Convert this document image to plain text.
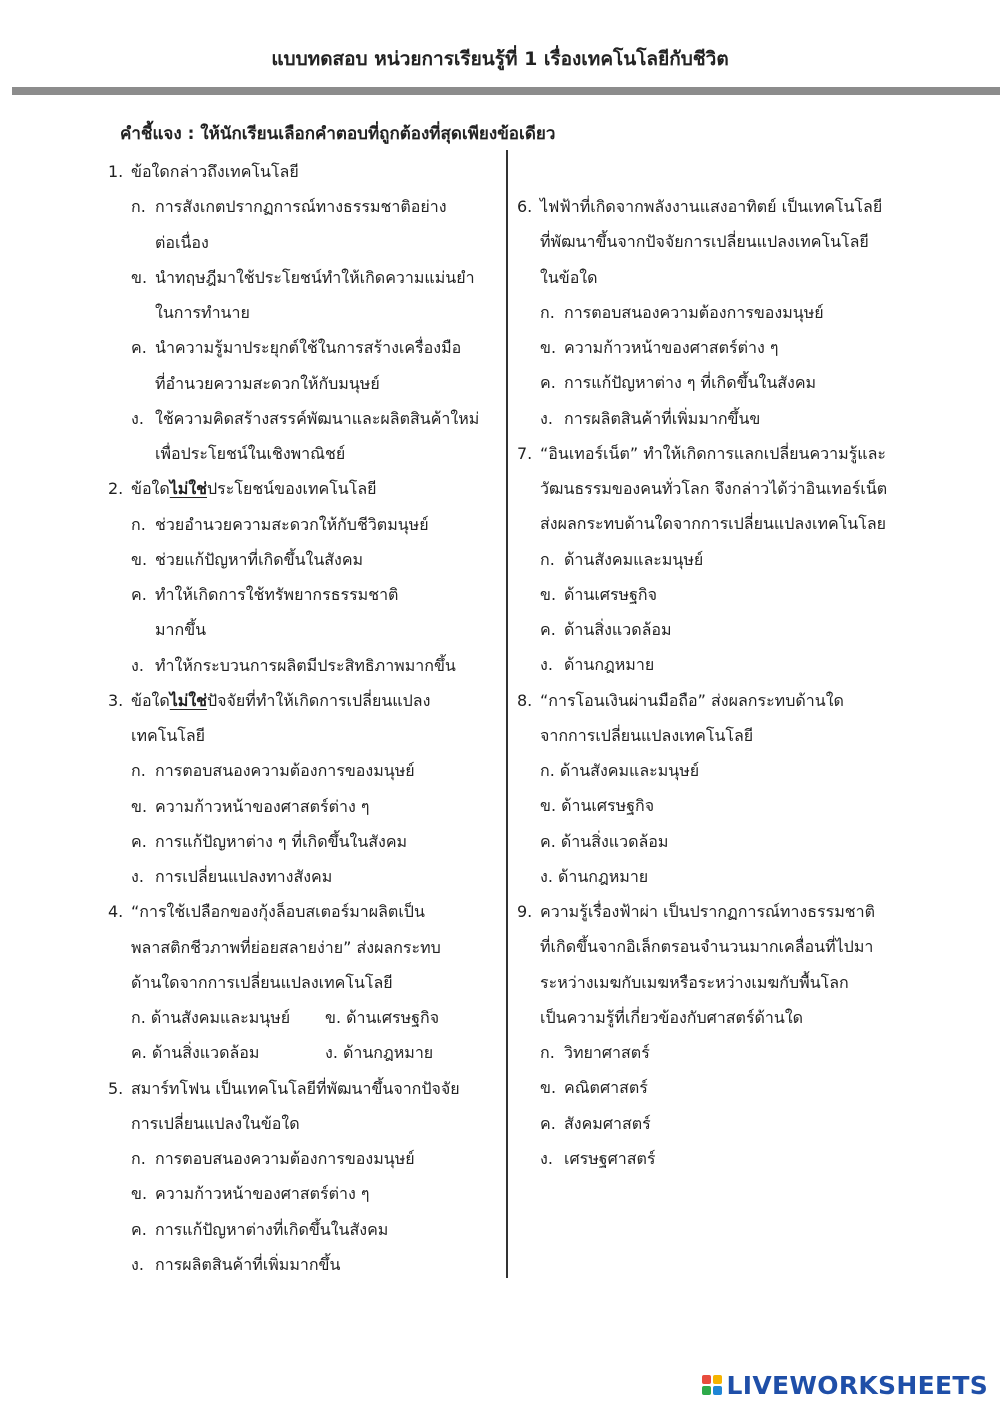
แบบทดสอบ หน่วยการเรียนรู้ที่ 1 เรื่องเทคโนโลยีกับชีวิต
คำชี้แจง : ให้นักเรียนเลือกคำตอบที่ถูกต้องที่สุดเพียงข้อเดียว
1. ข้อใดกล่าวถึงเทคโนโลยี
ก. การสังเกตปรากฏการณ์ทางธรรมชาติอย่าง
ต่อเนื่อง
ข. นำทฤษฎีมาใช้ประโยชน์ทำให้เกิดความแม่นยำ
ในการทำนาย
ค. นำความรู้มาประยุกต์ใช้ในการสร้างเครื่องมือ
ที่อำนวยความสะดวกให้กับมนุษย์
ง. ใช้ความคิดสร้างสรรค์พัฒนาและผลิตสินค้าใหม่
เพื่อประโยชน์ในเชิงพาณิชย์
2. ข้อใดไม่ใช่ประโยชน์ของเทคโนโลยี
ก. ช่วยอำนวยความสะดวกให้กับชีวิตมนุษย์
ข. ช่วยแก้ปัญหาที่เกิดขึ้นในสังคม
ค. ทำให้เกิดการใช้ทรัพยากรธรรมชาติ
มากขึ้น
ง. ทำให้กระบวนการผลิตมีประสิทธิภาพมากขึ้น
3. ข้อใดไม่ใช่ปัจจัยที่ทำให้เกิดการเปลี่ยนแปลง
เทคโนโลยี
ก. การตอบสนองความต้องการของมนุษย์
ข. ความก้าวหน้าของศาสตร์ต่าง ๆ
ค. การแก้ปัญหาต่าง ๆ ที่เกิดขึ้นในสังคม
ง. การเปลี่ยนแปลงทางสังคม
4. “การใช้เปลือกของกุ้งล็อบสเตอร์มาผลิตเป็น
พลาสติกชีวภาพที่ย่อยสลายง่าย” ส่งผลกระทบ
ด้านใดจากการเปลี่ยนแปลงเทคโนโลยี
ก. ด้านสังคมและมนุษย์ ข. ด้านเศรษฐกิจ
ค. ด้านสิ่งแวดล้อม	ง. ด้านกฎหมาย
5. สมาร์ทโฟน เป็นเทคโนโลยีที่พัฒนาขึ้นจากปัจจัย
การเปลี่ยนแปลงในข้อใด
ก. การตอบสนองความต้องการของมนุษย์
ข. ความก้าวหน้าของศาสตร์ต่าง ๆ
ค. การแก้ปัญหาต่างที่เกิดขึ้นในสังคม
ง. การผลิตสินค้าที่เพิ่มมากขึ้น
6. ไฟฟ้าที่เกิดจากพลังงานแสงอาทิตย์ เป็นเทคโนโลยี
ที่พัฒนาขึ้นจากปัจจัยการเปลี่ยนแปลงเทคโนโลยี
ในข้อใด
ก. การตอบสนองความต้องการของมนุษย์
ข. ความก้าวหน้าของศาสตร์ต่าง ๆ
ค. การแก้ปัญหาต่าง ๆ ที่เกิดขึ้นในสังคม
ง. การผลิตสินค้าที่เพิ่มมากขึ้นข
7. “อินเทอร์เน็ต” ทำให้เกิดการแลกเปลี่ยนความรู้และ
วัฒนธรรมของคนทั่วโลก จึงกล่าวได้ว่าอินเทอร์เน็ต
ส่งผลกระทบด้านใดจากการเปลี่ยนแปลงเทคโนโลย
ก. ด้านสังคมและมนุษย์
ข. ด้านเศรษฐกิจ
ค. ด้านสิ่งแวดล้อม
ง. ด้านกฎหมาย
8. “การโอนเงินผ่านมือถือ” ส่งผลกระทบด้านใด
จากการเปลี่ยนแปลงเทคโนโลยี
ก. ด้านสังคมและมนุษย์
ข. ด้านเศรษฐกิจ
ค. ด้านสิ่งแวดล้อม
ง. ด้านกฎหมาย
9. ความรู้เรื่องฟ้าผ่า เป็นปรากฏการณ์ทางธรรมชาติ
ที่เกิดขึ้นจากอิเล็กตรอนจำนวนมากเคลื่อนที่ไปมา
ระหว่างเมฆกับเมฆหรือระหว่างเมฆกับพื้นโลก
เป็นความรู้ที่เกี่ยวข้องกับศาสตร์ด้านใด
ก. วิทยาศาสตร์
ข. คณิตศาสตร์
ค. สังคมศาสตร์
ง. เศรษฐศาสตร์
LIVEWORKSHEETS
